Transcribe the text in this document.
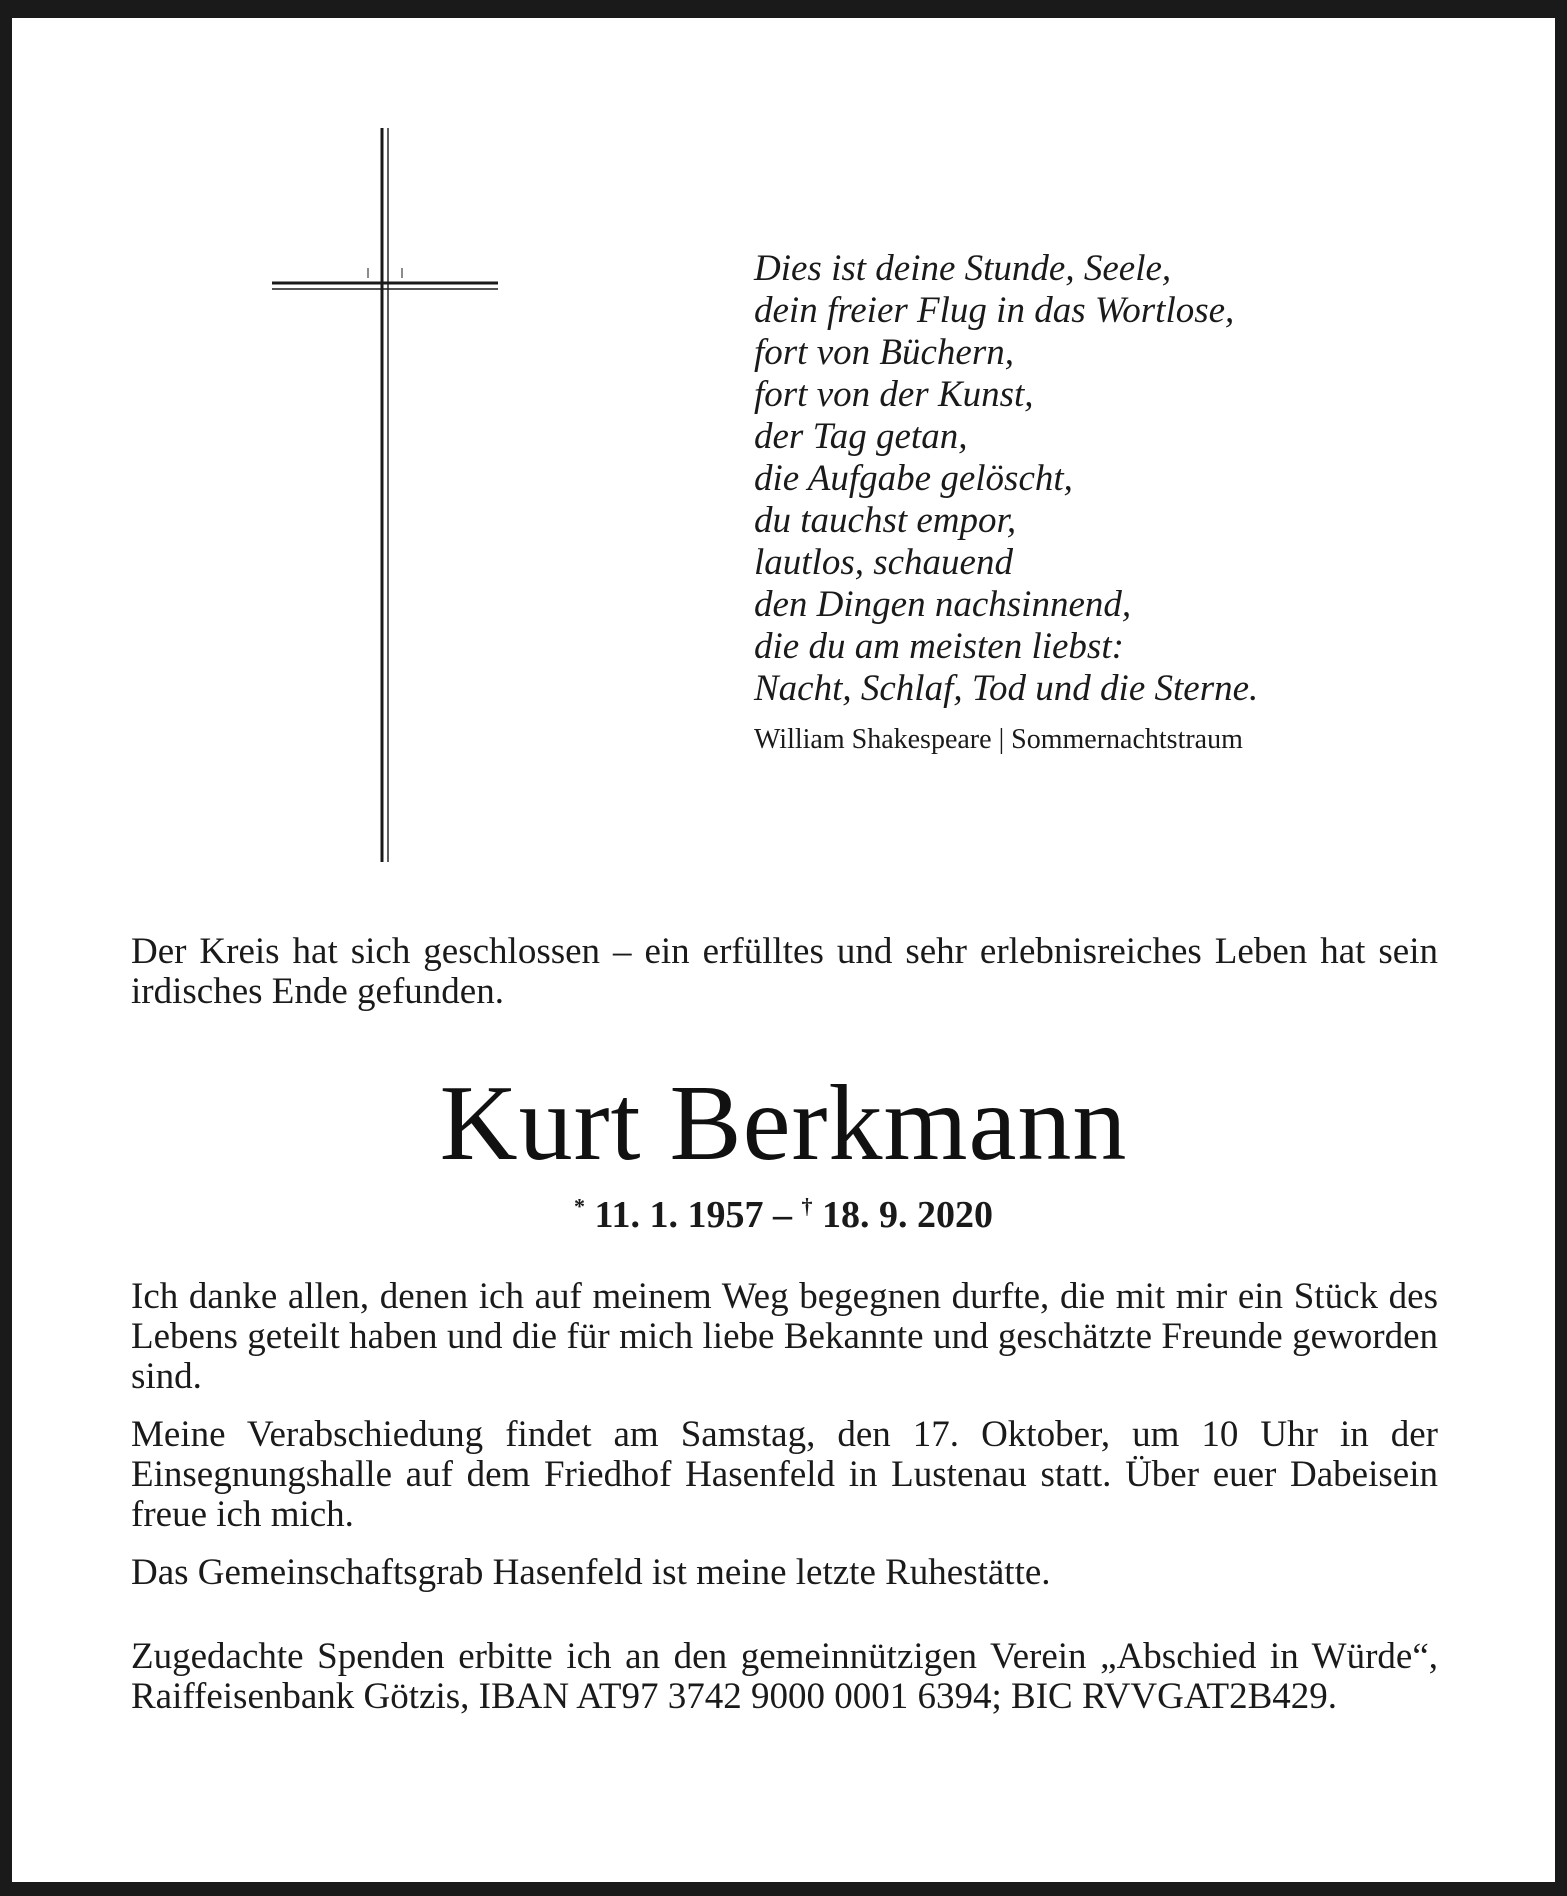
Dies ist deine Stunde, Seele,
dein freier Flug in das Wortlose,
fort von Büchern,
fort von der Kunst,
der Tag getan,
die Aufgabe gelöscht,
du tauchst empor,
lautlos, schauend
den Dingen nachsinnend,
die du am meisten liebst:
Nacht, Schlaf, Tod und die Sterne.
William Shakespeare | Sommernachtstraum
Der Kreis hat sich geschlossen – ein erfülltes und sehr erlebnisreiches Leben hat sein irdisches Ende gefunden.
Kurt Berkmann
* 11. 1. 1957 – † 18. 9. 2020
Ich danke allen, denen ich auf meinem Weg begegnen durfte, die mit mir ein Stück des Lebens geteilt haben und die für mich liebe Bekannte und geschätzte Freunde geworden sind.
Meine Verabschiedung findet am Samstag, den 17. Oktober, um 10 Uhr in der Einsegnungshalle auf dem Friedhof Hasenfeld in Lustenau statt. Über euer Dabeisein freue ich mich.
Das Gemeinschaftsgrab Hasenfeld ist meine letzte Ruhestätte.
Zugedachte Spenden erbitte ich an den gemeinnützigen Verein „Abschied in Würde“, Raiffeisenbank Götzis, IBAN AT97 3742 9000 0001 6394; BIC RVVGAT2B429.
